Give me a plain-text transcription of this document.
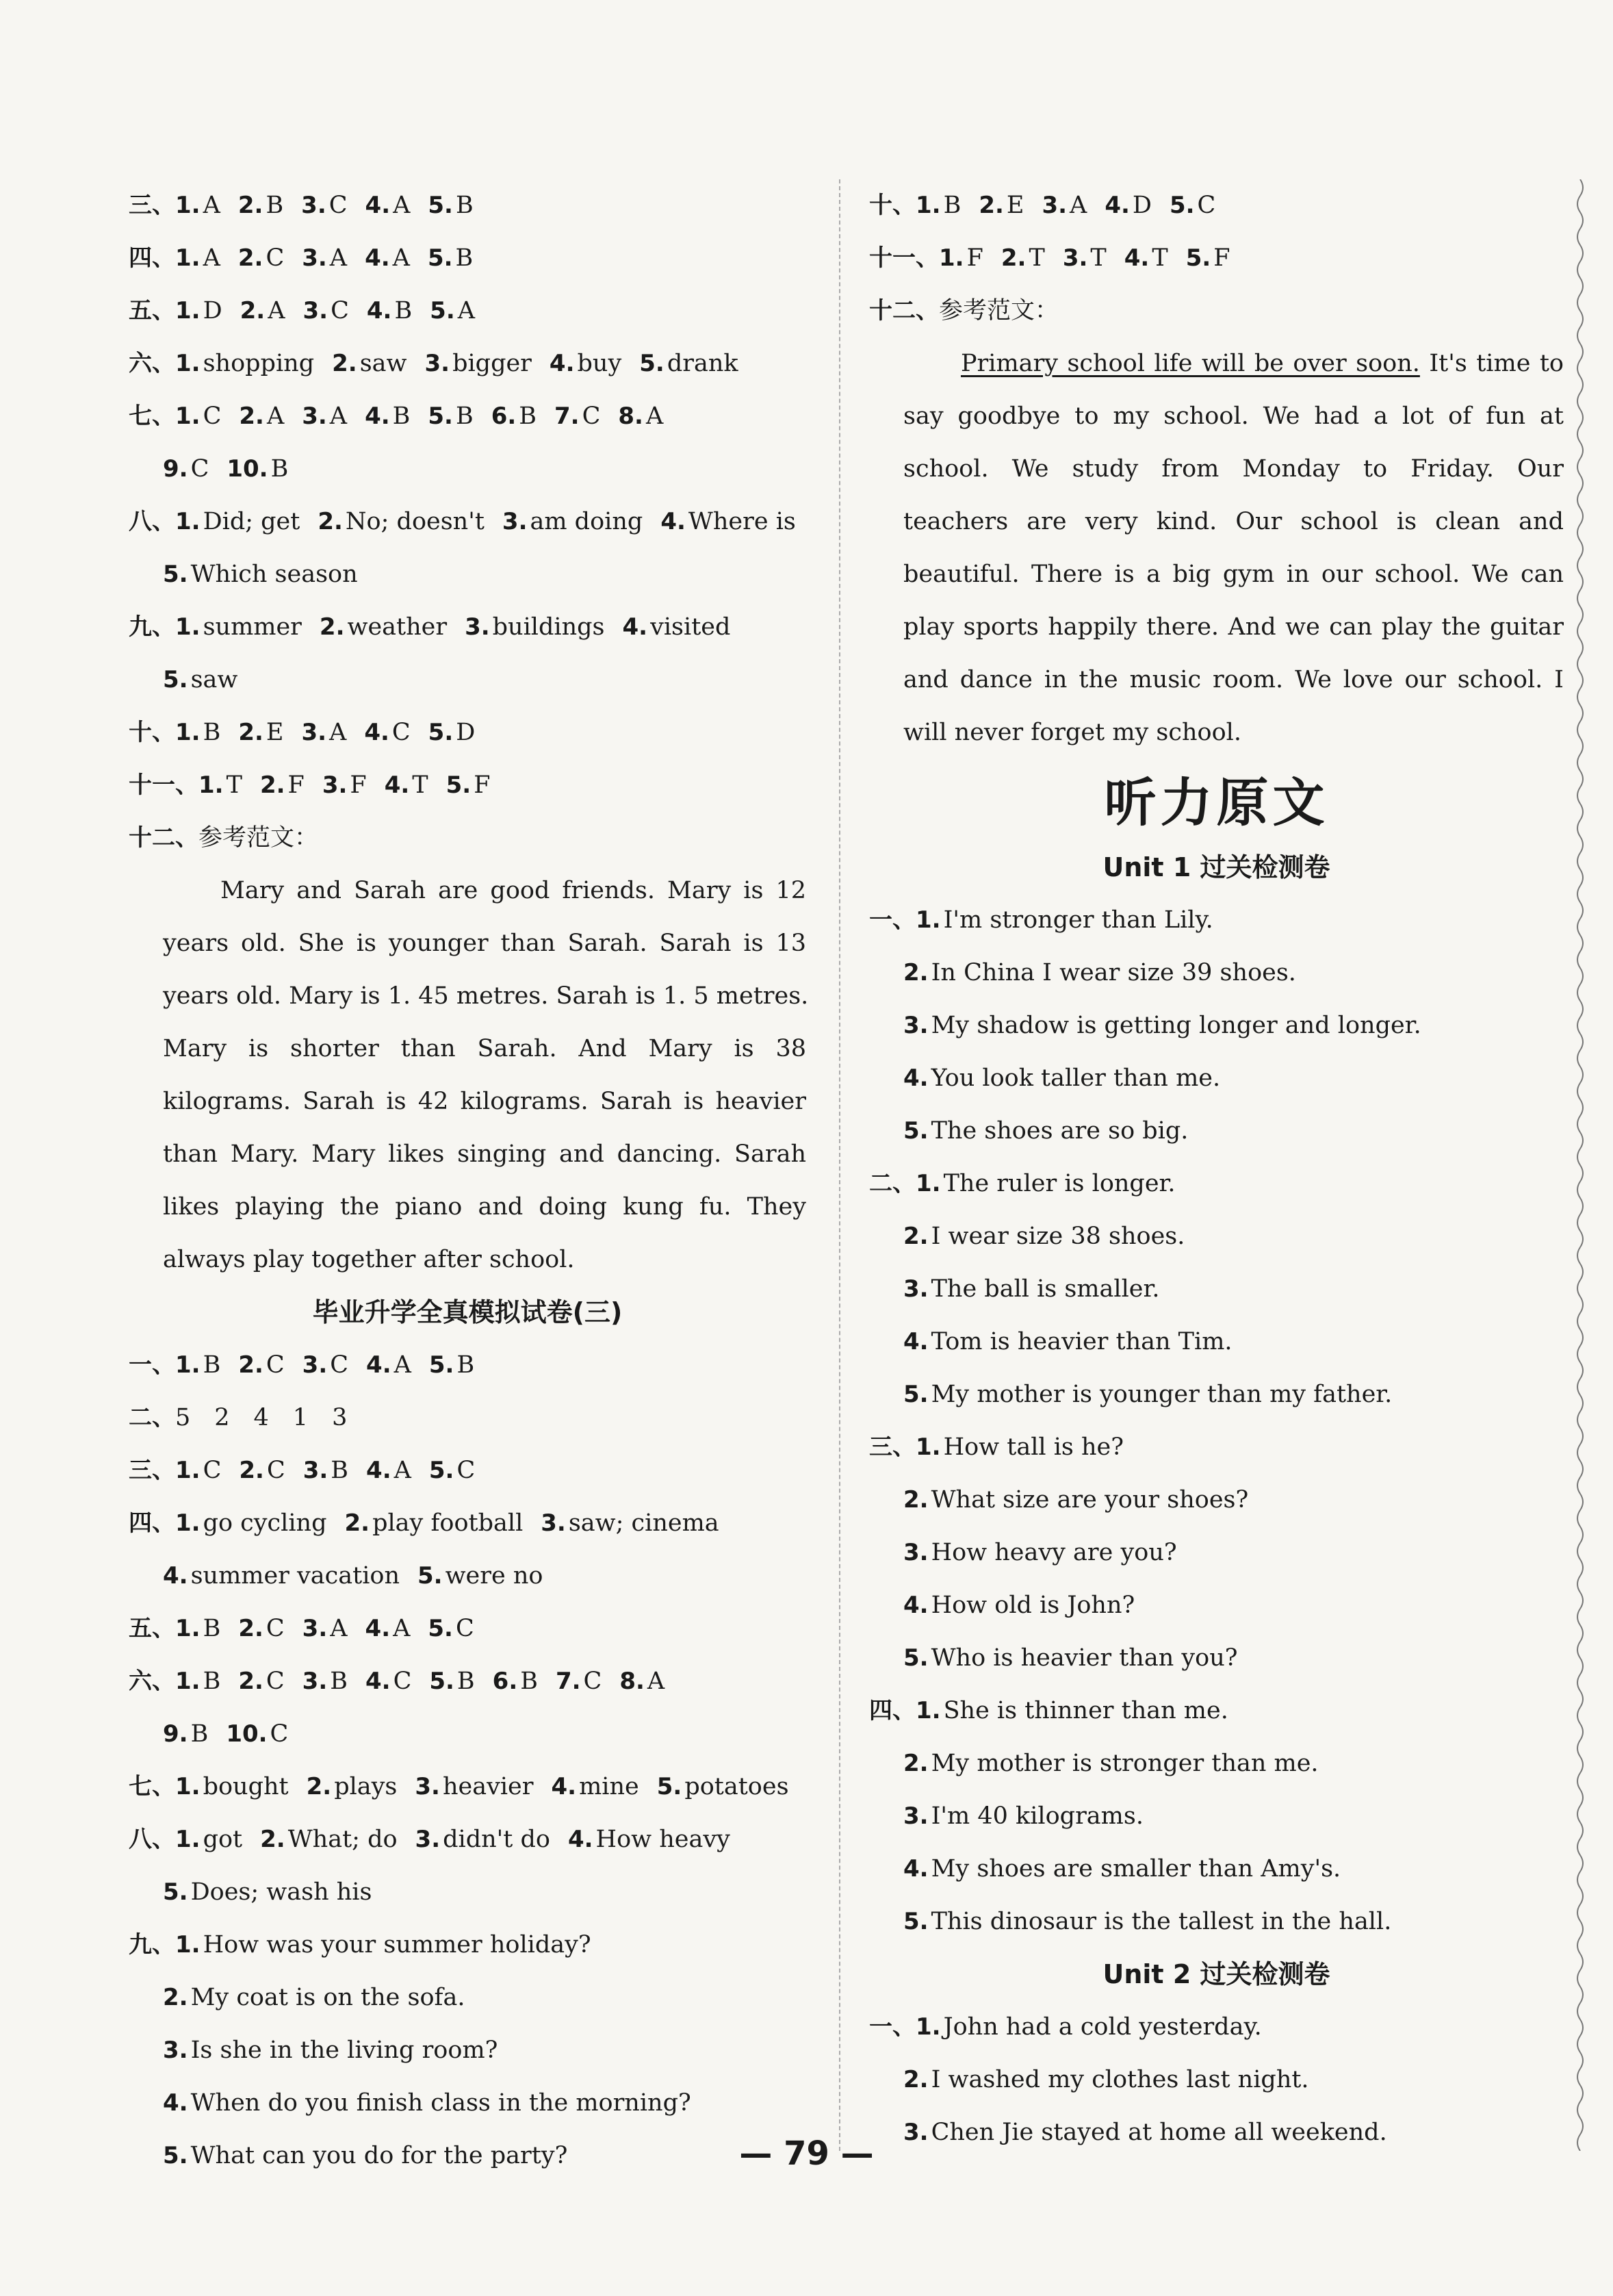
三、1. A 2. B 3. C 4. A 5. B
四、1. A 2. C 3. A 4. A 5. B
五、1. D 2. A 3. C 4. B 5. A
六、1. shopping 2. saw 3. bigger 4. buy 5. drank
七、1. C 2. A 3. A 4. B 5. B 6. B 7. C 8. A
9. C 10. B
八、1. Did; get 2. No; doesn't 3. am doing 4. Where is
5. Which season
九、1. summer 2. weather 3. buildings 4. visited
5. saw
十、1. B 2. E 3. A 4. C 5. D
十一、1. T 2. F 3. F 4. T 5. F
十二、参考范文：
Mary and Sarah are good friends. Mary is 12
years old. She is younger than Sarah. Sarah is 13
years old. Mary is 1. 45 metres. Sarah is 1. 5 metres.
Mary is shorter than Sarah. And Mary is 38
kilograms. Sarah is 42 kilograms. Sarah is heavier
than Mary. Mary likes singing and dancing. Sarah
likes playing the piano and doing kung fu. They
always play together after school.
毕业升学全真模拟试卷(三)
一、1. B 2. C 3. C 4. A 5. B
二、5　2　4　1　3
三、1. C 2. C 3. B 4. A 5. C
四、1. go cycling 2. play football 3. saw; cinema
4. summer vacation 5. were no
五、1. B 2. C 3. A 4. A 5. C
六、1. B 2. C 3. B 4. C 5. B 6. B 7. C 8. A
9. B 10. C
七、1. bought 2. plays 3. heavier 4. mine 5. potatoes
八、1. got 2. What; do 3. didn't do 4. How heavy
5. Does; wash his
九、1. How was your summer holiday?
2. My coat is on the sofa.
3. Is she in the living room?
4. When do you finish class in the morning?
5. What can you do for the party?
十、1. B 2. E 3. A 4. D 5. C
十一、1. F 2. T 3. T 4. T 5. F
十二、参考范文：
Primary school life will be over soon. It's time to
say goodbye to my school. We had a lot of fun at
school. We study from Monday to Friday. Our
teachers are very kind. Our school is clean and
beautiful. There is a big gym in our school. We can
play sports happily there. And we can play the guitar
and dance in the music room. We love our school. I
will never forget my school.
听力原文
Unit 1 过关检测卷
一、1. I'm stronger than Lily.
2. In China I wear size 39 shoes.
3. My shadow is getting longer and longer.
4. You look taller than me.
5. The shoes are so big.
二、1. The ruler is longer.
2. I wear size 38 shoes.
3. The ball is smaller.
4. Tom is heavier than Tim.
5. My mother is younger than my father.
三、1. How tall is he?
2. What size are your shoes?
3. How heavy are you?
4. How old is John?
5. Who is heavier than you?
四、1. She is thinner than me.
2. My mother is stronger than me.
3. I'm 40 kilograms.
4. My shoes are smaller than Amy's.
5. This dinosaur is the tallest in the hall.
Unit 2 过关检测卷
一、1. John had a cold yesterday.
2. I washed my clothes last night.
3. Chen Jie stayed at home all weekend.
— 79 —
